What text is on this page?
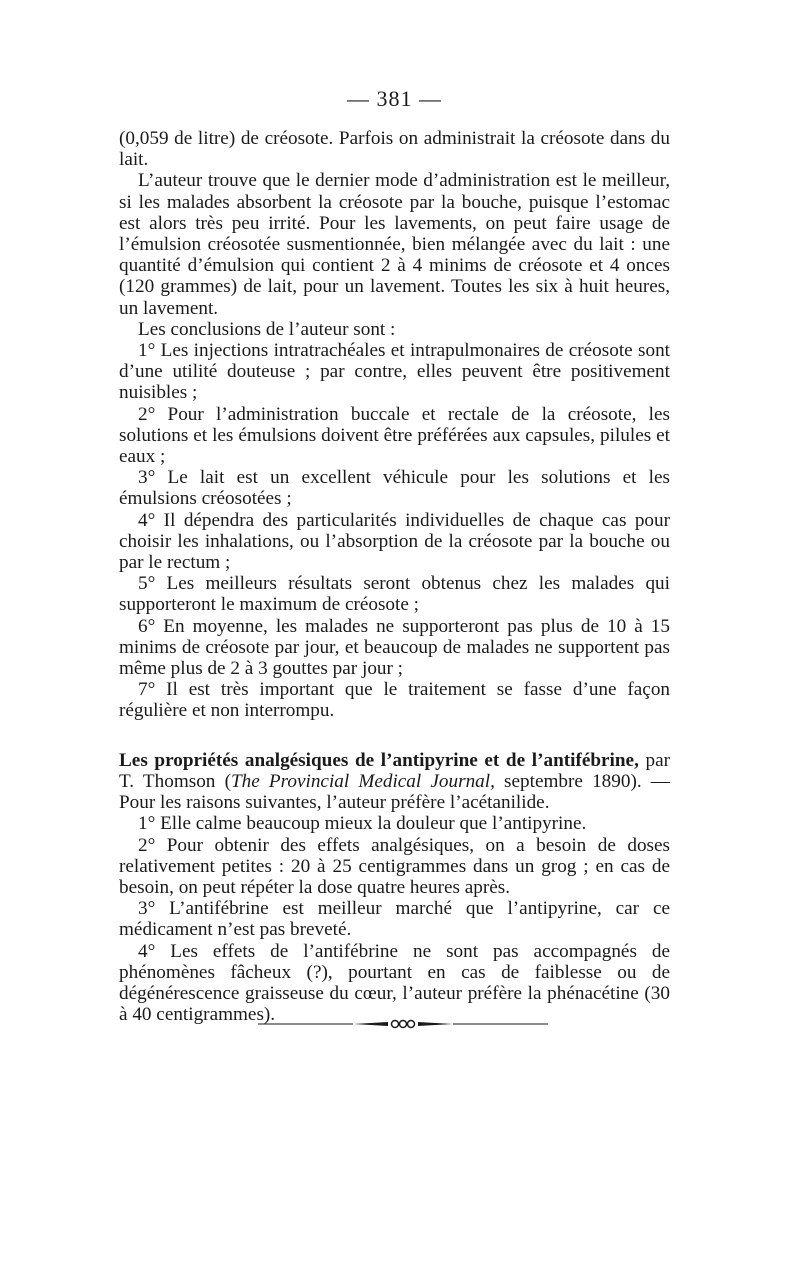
— 381 —

(0,059 de litre) de créosote. Parfois on administrait la créosote dans du lait.

L’auteur trouve que le dernier mode d’administration est le meilleur, si les malades absorbent la créosote par la bouche, puisque l’estomac est alors très peu irrité. Pour les lavements, on peut faire usage de l’émulsion créosotée susmentionnée, bien mélangée avec du lait : une quantité d’émulsion qui contient 2 à 4 minims de créosote et 4 onces (120 grammes) de lait, pour un lavement. Toutes les six à huit heures, un lavement.

Les conclusions de l’auteur sont :

1° Les injections intratrachéales et intrapulmonaires de créosote sont d’une utilité douteuse ; par contre, elles peuvent être positivement nuisibles ;

2° Pour l’administration buccale et rectale de la créosote, les solutions et les émulsions doivent être préférées aux capsules, pilules et eaux ;

3° Le lait est un excellent véhicule pour les solutions et les émulsions créosotées ;

4° Il dépendra des particularités individuelles de chaque cas pour choisir les inhalations, ou l’absorption de la créosote par la bouche ou par le rectum ;

5° Les meilleurs résultats seront obtenus chez les malades qui supporteront le maximum de créosote ;

6° En moyenne, les malades ne supporteront pas plus de 10 à 15 minims de créosote par jour, et beaucoup de malades ne supportent pas même plus de 2 à 3 gouttes par jour ;

7° Il est très important que le traitement se fasse d’une façon régulière et non interrompu.

Les propriétés analgésiques de l’antipyrine et de l’antifébrine, par T. Thomson (The Provincial Medical Journal, septembre 1890). — Pour les raisons suivantes, l’auteur préfère l’acétanilide.

1° Elle calme beaucoup mieux la douleur que l’antipyrine.

2° Pour obtenir des effets analgésiques, on a besoin de doses relativement petites : 20 à 25 centigrammes dans un grog ; en cas de besoin, on peut répéter la dose quatre heures après.

3° L’antifébrine est meilleur marché que l’antipyrine, car ce médicament n’est pas breveté.

4° Les effets de l’antifébrine ne sont pas accompagnés de phénomènes fâcheux (?), pourtant en cas de faiblesse ou de dégénérescence graisseuse du cœur, l’auteur préfère la phénacétine (30 à 40 centigrammes).
